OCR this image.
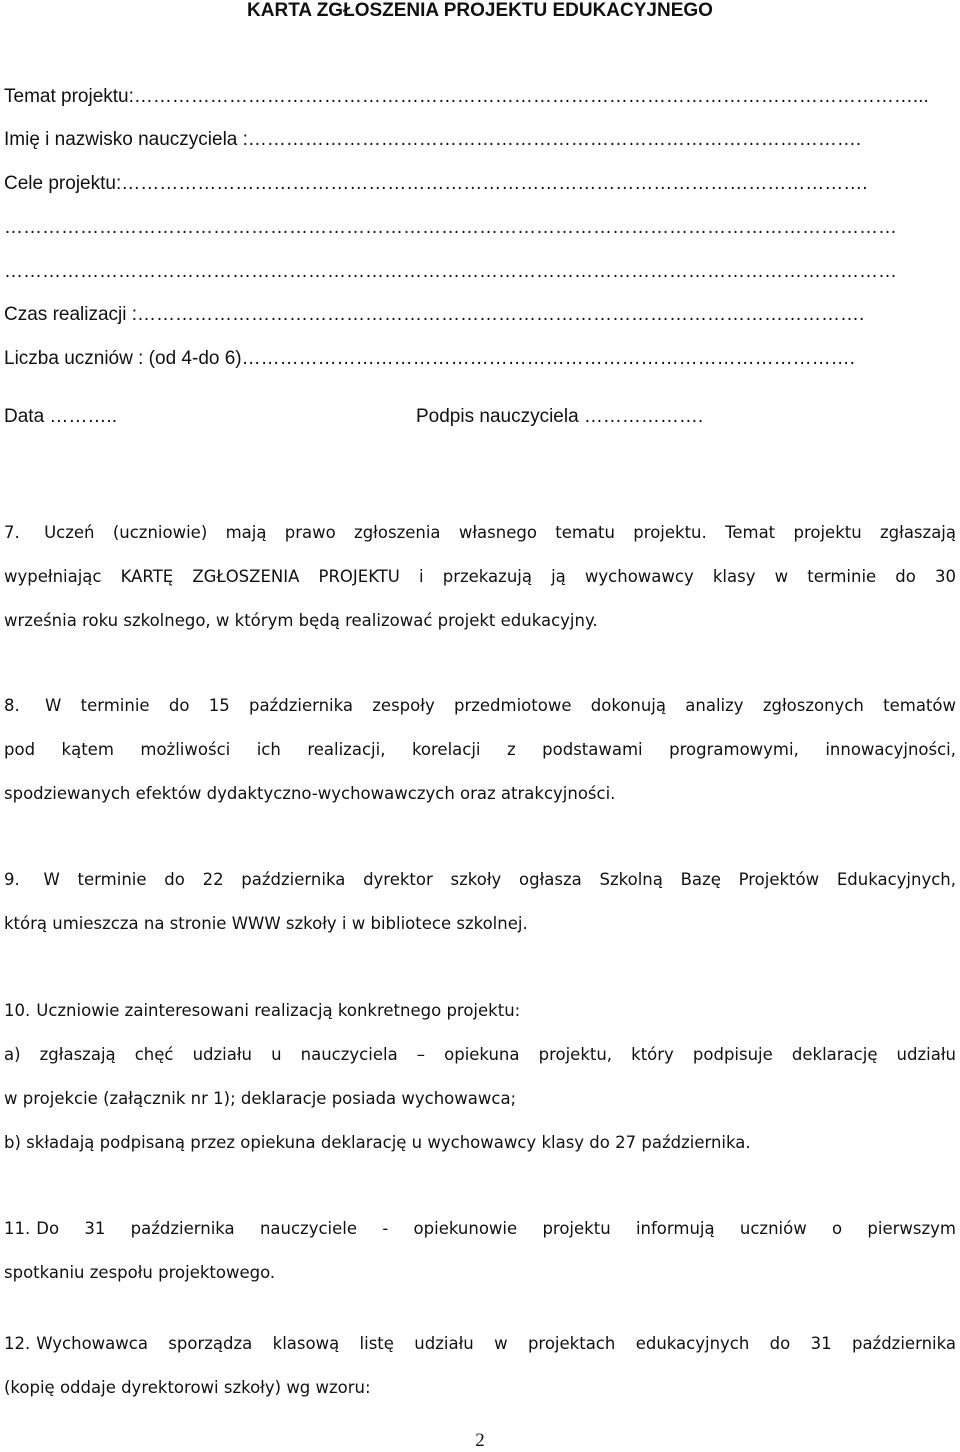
KARTA ZGŁOSZENIA PROJEKTU EDUKACYJNEGO
Temat projektu:……………………………………………………………………………………………………………...
Imię i nazwisko nauczyciela :…………………………………………………………………………………….
Cele projektu:……………………………………………………………………………………………………….
……………………………………………………………………………………………………………………………
……………………………………………………………………………………………………………………………
Czas realizacji :…………………………………………………………………………………………………….
Liczba uczniów : (od 4-do 6)…………………………………………………………………………………….
Data ………..	Podpis nauczyciela ……………….
7. Uczeń (uczniowie) mają prawo zgłoszenia własnego tematu projektu. Temat projektu zgłaszają
wypełniając KARTĘ ZGŁOSZENIA PROJEKTU i przekazują ją wychowawcy klasy w terminie do 30
września roku szkolnego, w którym będą realizować projekt edukacyjny.
8. W terminie do 15 października zespoły przedmiotowe dokonują analizy zgłoszonych tematów
pod kątem możliwości ich realizacji, korelacji z podstawami programowymi, innowacyjności,
spodziewanych efektów dydaktyczno-wychowawczych oraz atrakcyjności.
9. W terminie do 22 października dyrektor szkoły ogłasza Szkolną Bazę Projektów Edukacyjnych,
którą umieszcza na stronie WWW szkoły i w bibliotece szkolnej.
10. Uczniowie zainteresowani realizacją konkretnego projektu:
a) zgłaszają chęć udziału u nauczyciela – opiekuna projektu, który podpisuje deklarację udziału
w projekcie (załącznik nr 1); deklaracje posiada wychowawca;
b) składają podpisaną przez opiekuna deklarację u wychowawcy klasy do 27 października.
11. Do 31 października nauczyciele - opiekunowie projektu informują uczniów o pierwszym
spotkaniu zespołu projektowego.
12. Wychowawca sporządza klasową listę udziału w projektach edukacyjnych do 31 października
(kopię oddaje dyrektorowi szkoły) wg wzoru:
2
